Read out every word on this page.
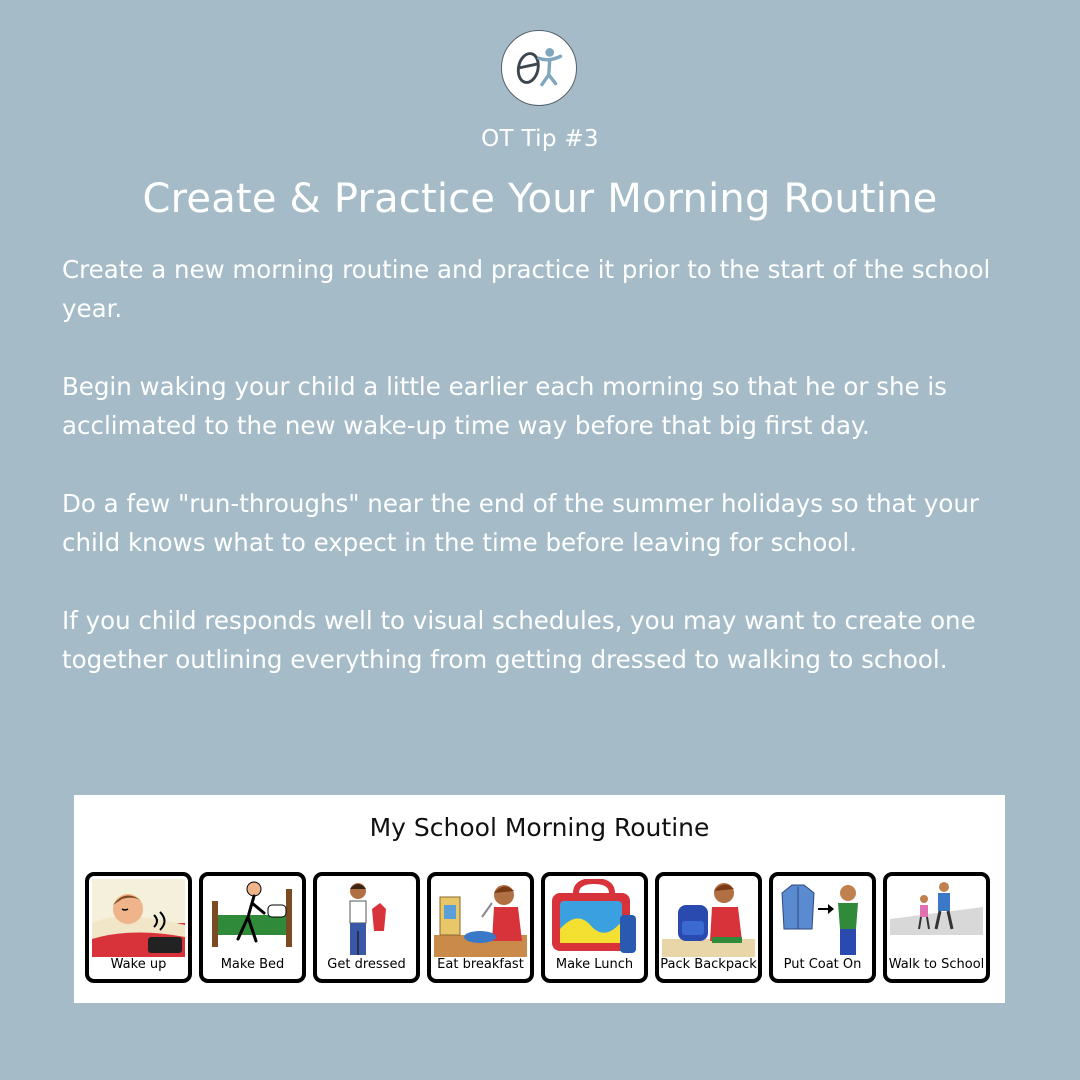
OT Tip #3
Create & Practice Your Morning Routine

Create a new morning routine and practice it prior to the start of the school year.

Begin waking your child a little earlier each morning so that he or she is acclimated to the new wake-up time way before that big first day.

Do a few "run-throughs" near the end of the summer holidays so that your child knows what to expect in the time before leaving for school.

If you child responds well to visual schedules, you may want to create one together outlining everything from getting dressed to walking to school.

My School Morning Routine
Wake up	Make Bed	Get dressed	Eat breakfast	Make Lunch	Pack Backpack	Put Coat On	Walk to School
